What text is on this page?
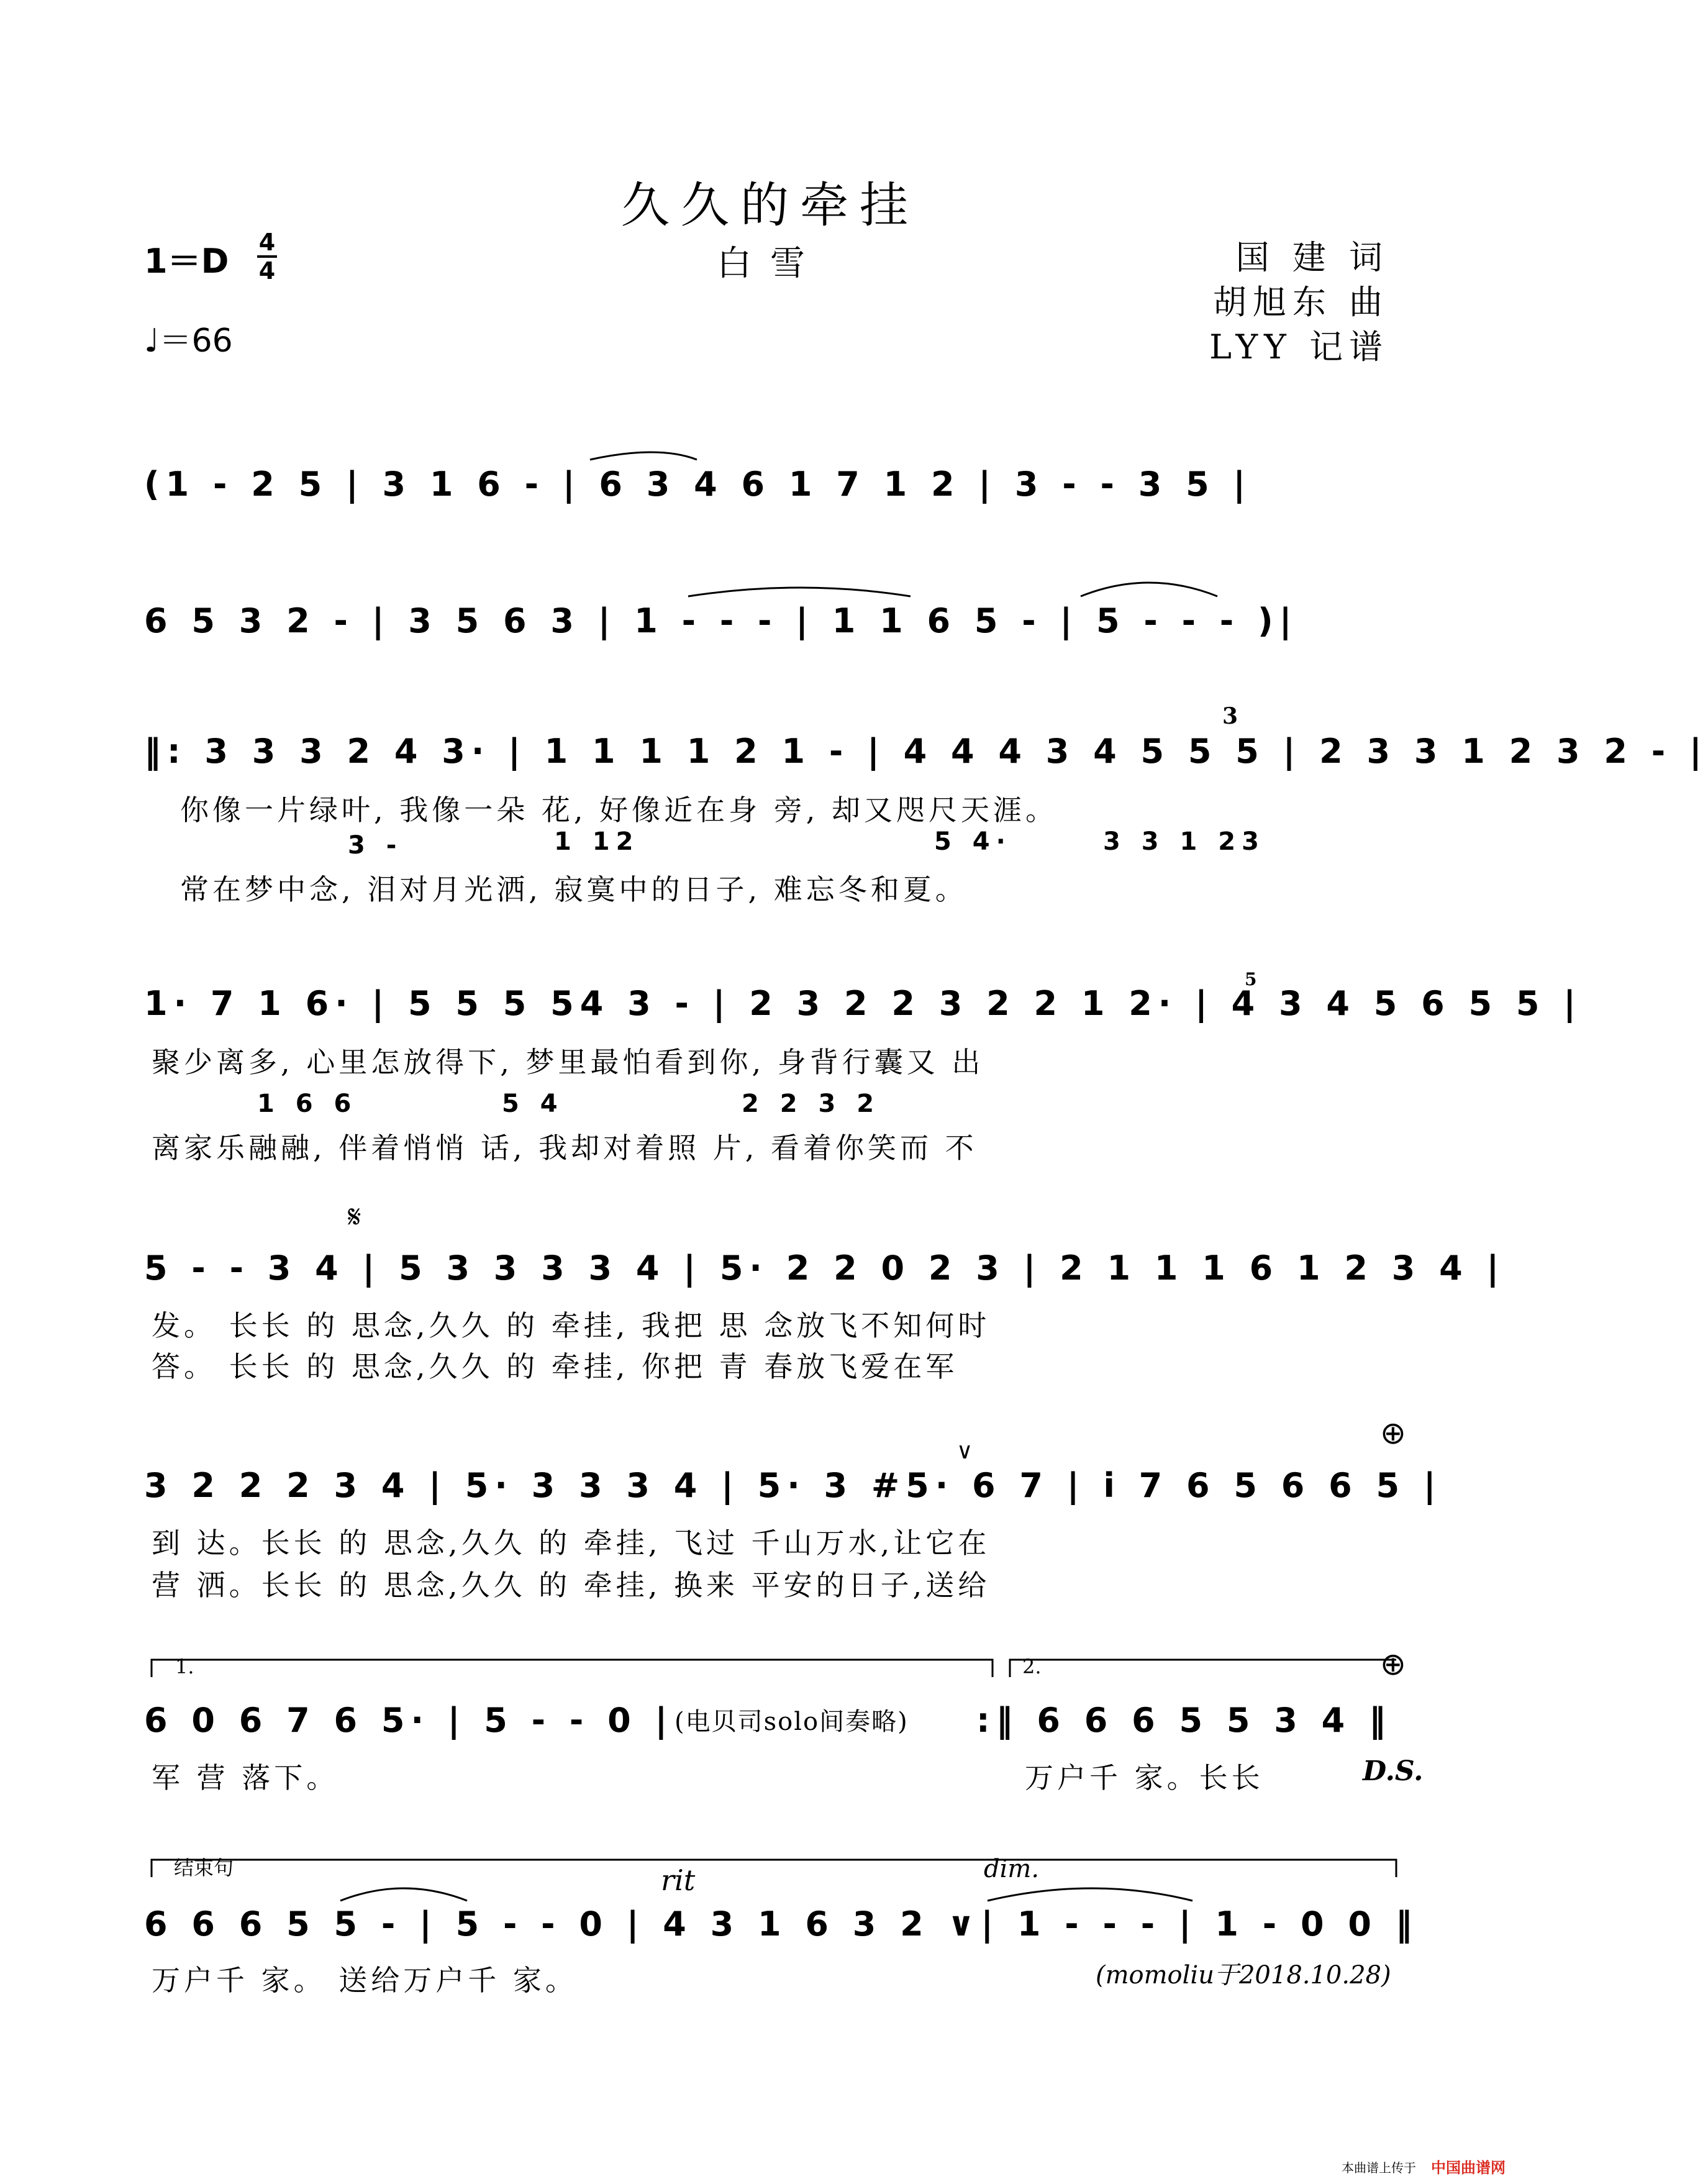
久久的牵挂
白雪
1＝D 4
4
♩＝66
国 建 词
胡旭东 曲
LYY 记谱
(1 - 2 5 | 3 1 6 - | 6 3 4 6 1 7 1 2 | 3 - - 3 5 |
6 5 3 2 - | 3 5 6 3 | 1 - - - | 1 1 6 5 - | 5 - - - )|
3
‖: 3 3 3 2 4 3· | 1 1 1 1 2 1 - | 4 4 4 3 4 5 5 5 | 2 3 3 1 2 3 2 - |
你像一片绿叶, 我像一朵 花, 好像近在身 旁, 却又咫尺天涯。
3 -	1 12	5 4·	3 3 1 23
常在梦中念, 泪对月光洒, 寂寞中的日子, 难忘冬和夏。
5
1· 7 1 6· | 5 5 5 54 3 - | 2 3 2 2 3 2 2 1 2· | 4 3 4 5 6 5 5 |
聚少离多, 心里怎放得下, 梦里最怕看到你, 身背行囊又 出
1 6 6	5 4	2 2 3 2
离家乐融融, 伴着悄悄 话, 我却对着照 片, 看着你笑而 不
𝄋
5 - - 3 4 | 5 3 3 3 3 4 | 5· 2 2 0 2 3 | 2 1 1 1 6 1 2 3 4 |
发。 长长 的 思念,久久 的 牵挂, 我把 思 念放飞不知何时
答。 长长 的 思念,久久 的 牵挂, 你把 青 春放飞爱在军
⊕
∨
3 2 2 2 3 4 | 5· 3 3 3 4 | 5· 3 #5· 6 7 | i 7 6 5 6 6 5 |
到 达。长长 的 思念,久久 的 牵挂, 飞过 千山万水,让它在
营 洒。长长 的 思念,久久 的 牵挂, 换来 平安的日子,送给
1.	2.	⊕
6 0 6 7 6 5· | 5 - - 0 | (电贝司solo间奏略) :‖ 6 6 6 5 5 3 4 ‖
军 营 落下。	万户千 家。长长	D.S.
结束句	rit	dim.
6 6 6 5 5 - | 5 - - 0 | 4 3 1 6 3 2 ∨| 1 - - - | 1 - 0 0 ‖
万户千 家。 送给万户千 家。	(momoliu于2018.10.28)
本曲谱上传于 中国曲谱网
